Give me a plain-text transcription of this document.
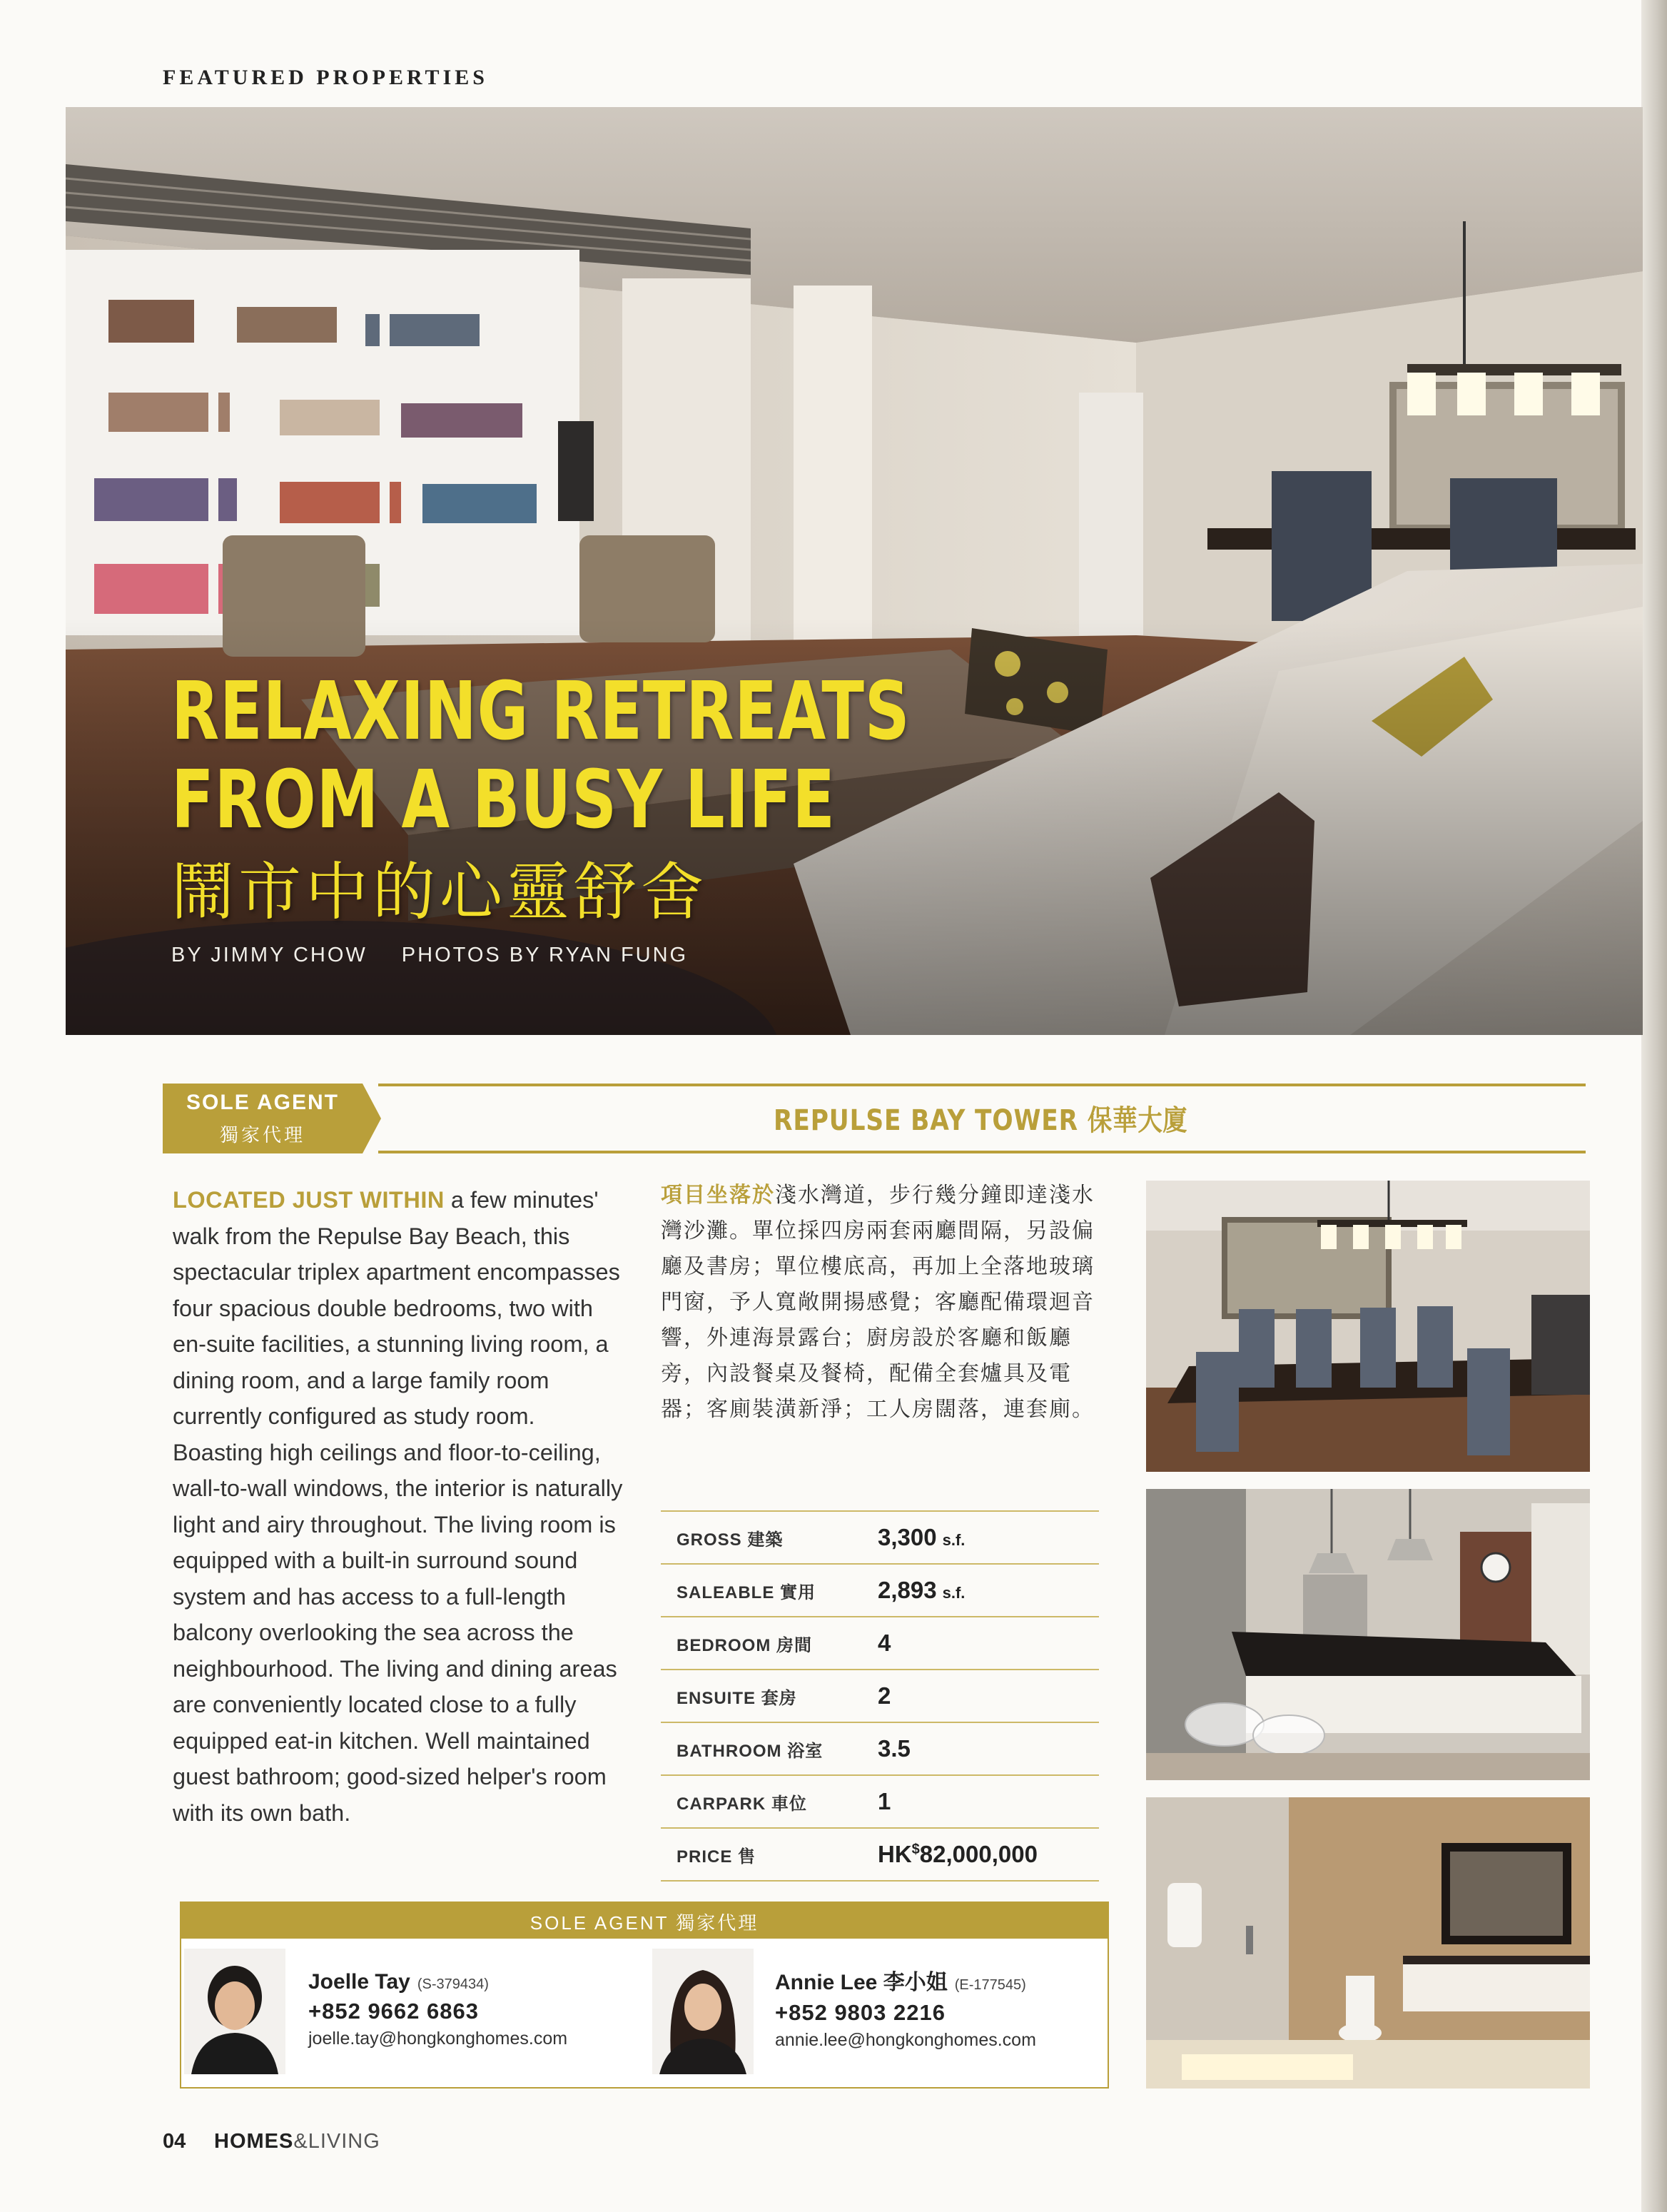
FEATURED PROPERTIES
RELAXING RETREATS
FROM A BUSY LIFE
鬧市中的心靈舒舍
BY JIMMY CHOW PHOTOS BY RYAN FUNG
SOLE AGENT
獨家代理	REPULSE BAY TOWER 保華大廈
LOCATED JUST WITHIN a few minutes' walk from the Repulse Bay Beach, this spectacular triplex apartment encompasses four spacious double bedrooms, two with en-suite facilities, a stunning living room, a dining room, and a large family room currently configured as study room. Boasting high ceilings and floor-to-ceiling, wall-to-wall windows, the interior is naturally light and airy throughout. The living room is equipped with a built-in surround sound system and has access to a full-length balcony overlooking the sea across the neighbourhood. The living and dining areas are conveniently located close to a fully equipped eat-in kitchen. Well maintained guest bathroom; good-sized helper's room with its own bath.
項目坐落於淺水灣道，步行幾分鐘即達淺水灣沙灘。單位採四房兩套兩廳間隔，另設偏廳及書房；單位樓底高，再加上全落地玻璃門窗，予人寬敞開揚感覺；客廳配備環迴音響，外連海景露台；廚房設於客廳和飯廳旁，內設餐桌及餐椅，配備全套爐具及電器；客廁裝潢新淨；工人房闊落，連套廁。
GROSS 建築	3,300 s.f.
SALEABLE 實用	2,893 s.f.
BEDROOM 房間	4
ENSUITE 套房	2
BATHROOM 浴室	3.5
CARPARK 車位	1
PRICE 售	HK$82,000,000
SOLE AGENT 獨家代理
Joelle Tay (S-379434)
+852 9662 6863
joelle.tay@hongkonghomes.com
Annie Lee 李小姐 (E-177545)
+852 9803 2216
annie.lee@hongkonghomes.com
04 HOMES&LIVING
